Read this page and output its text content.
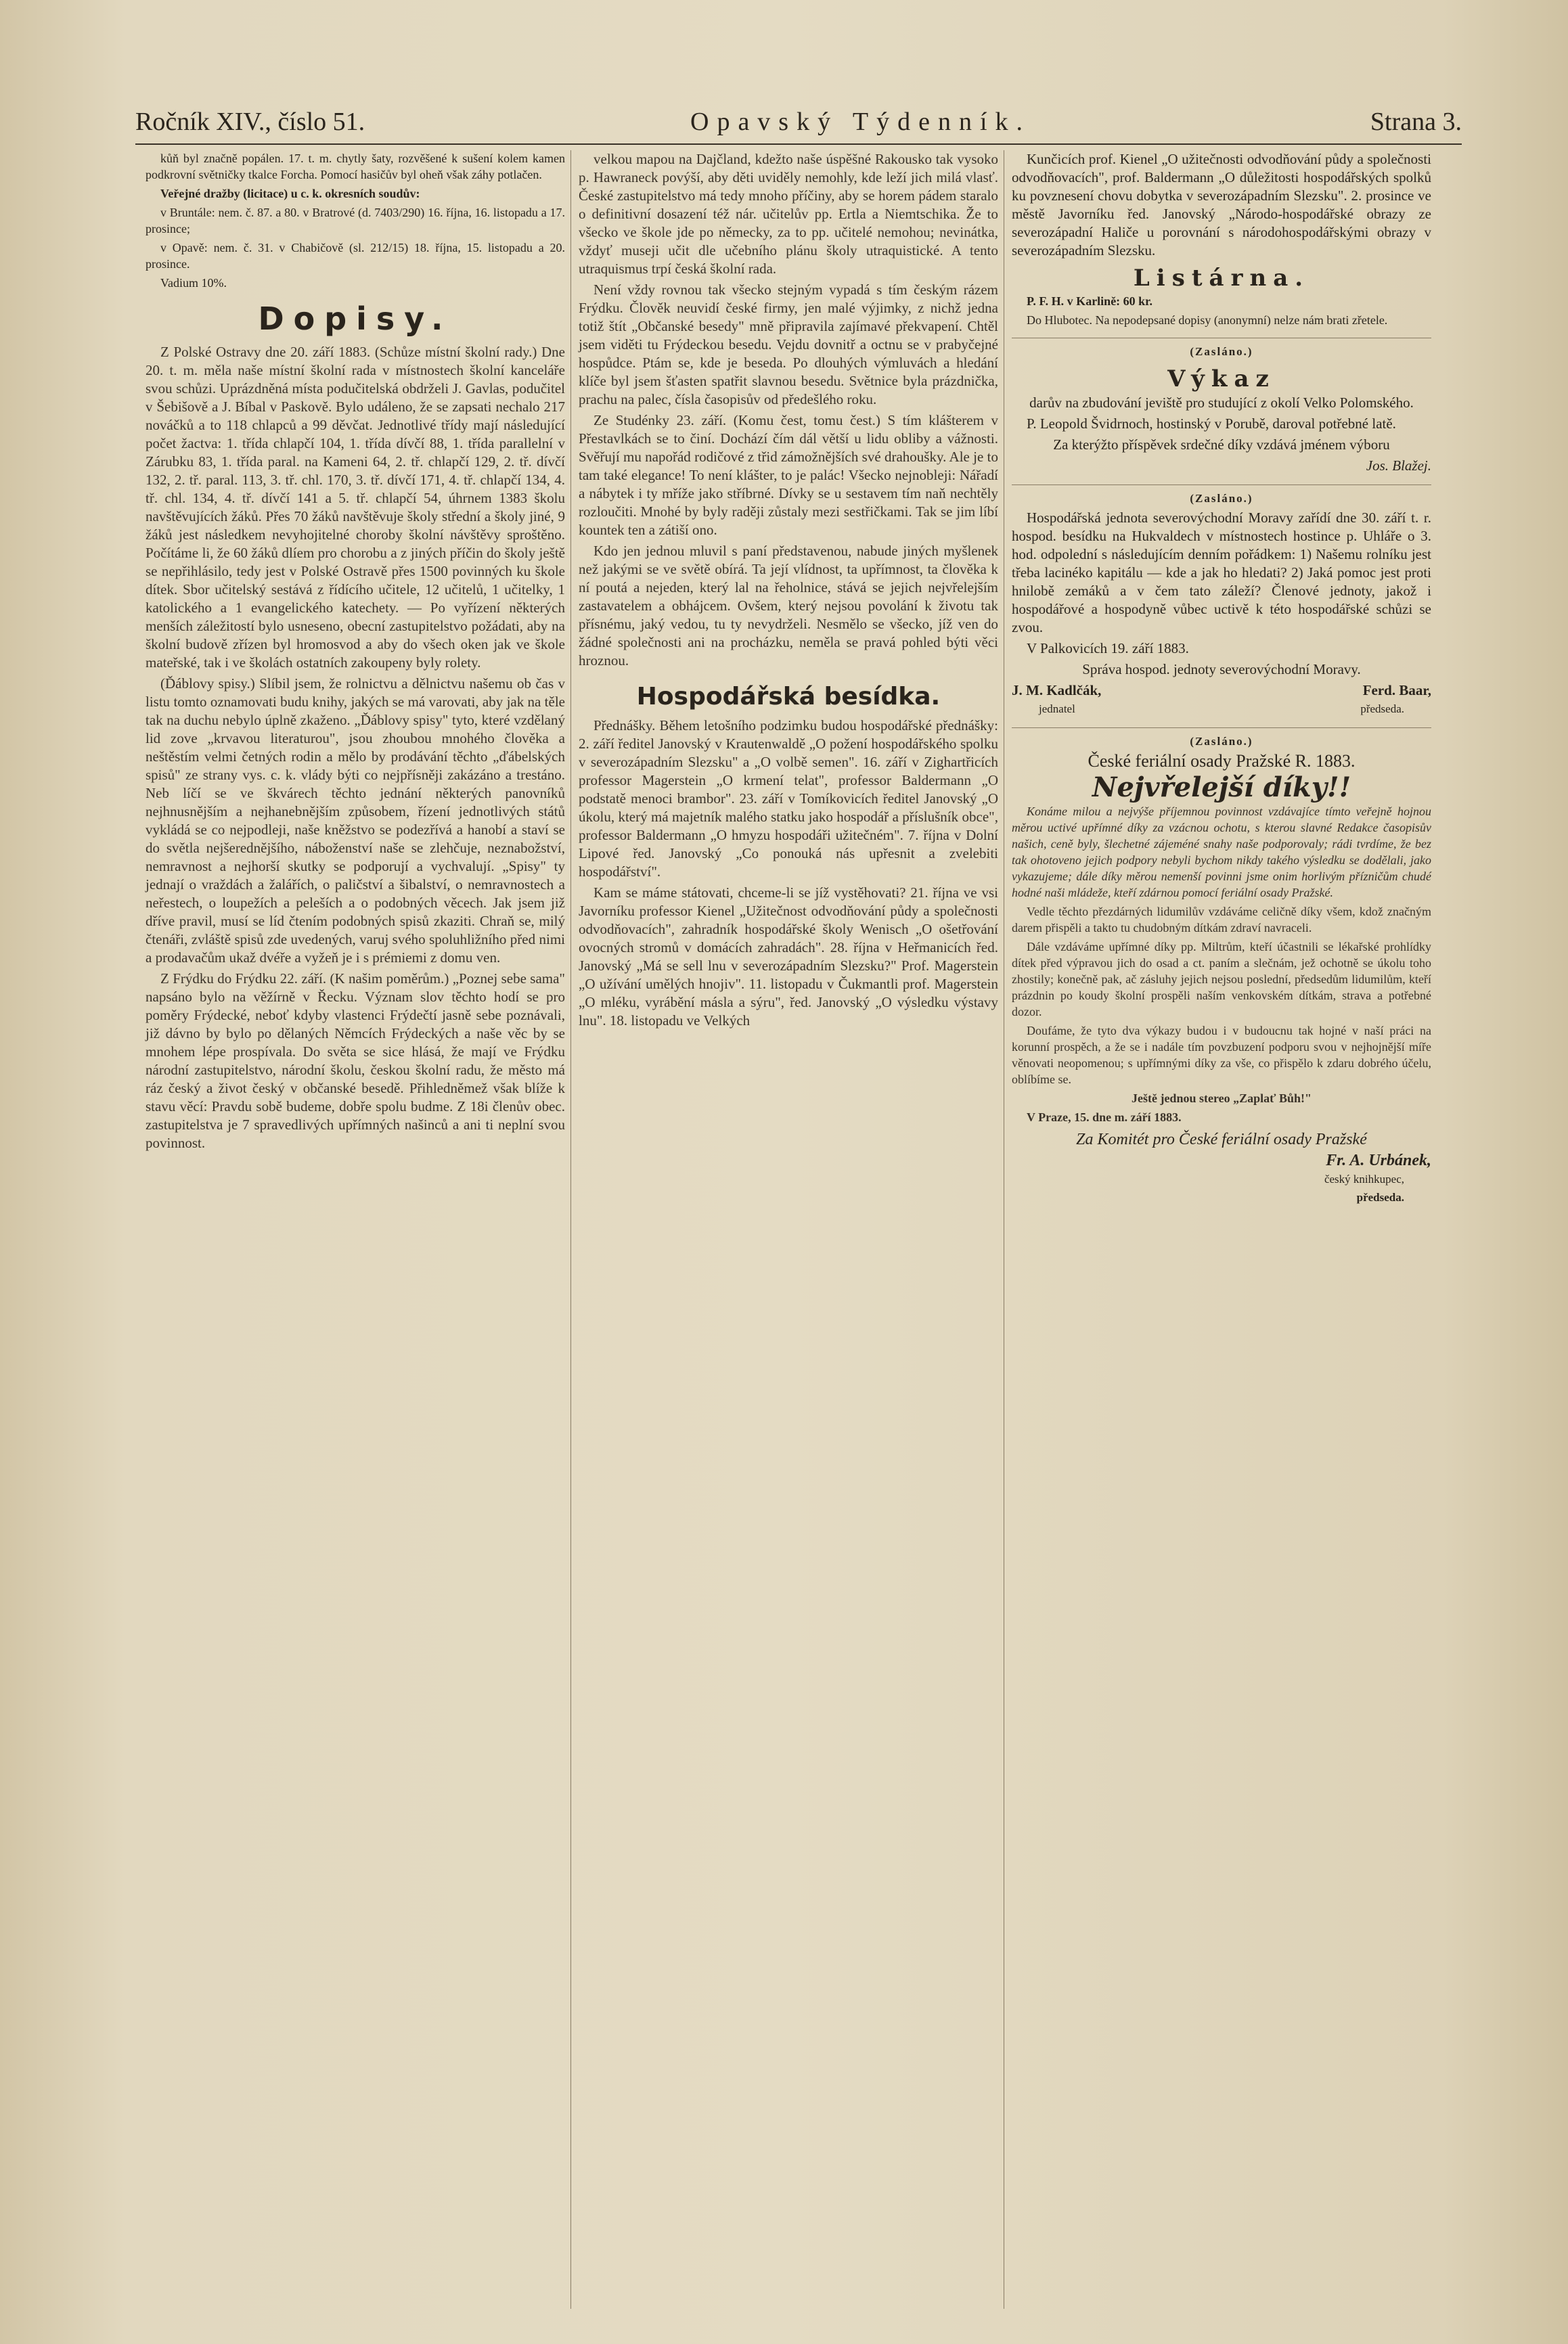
Ročník XIV., číslo 51.	Opavský Týdenník.	Strana 3.

kůň byl značně popálen. 17. t. m. chytly šaty, rozvěšené k sušení kolem kamen podkrovní světničky tkalce Forcha. Pomocí hasičův byl oheň však záhy potlačen.

Veřejné dražby (licitace) u c. k. okresních soudův:

v Bruntále: nem. č. 87. a 80. v Bratrové (d. 7403/290) 16. října, 16. listopadu a 17. prosince;

v Opavě: nem. č. 31. v Chabičově (sl. 212/15) 18. října, 15. listopadu a 20. prosince.

Vadium 10%.

Dopisy.

Z Polské Ostravy dne 20. září 1883. (Schůze místní školní rady.) Dne 20. t. m. měla naše místní školní rada v místnostech školní kanceláře svou schůzi. Uprázdněná místa podučitelská obdrželi J. Gavlas, podučitel v Šebišově a J. Bíbal v Paskově. Bylo událeno, že se zapsati nechalo 217 nováčků a to 118 chlapců a 99 děvčat. Jednotlivé třídy mají následující počet žactva: 1. třída chlapčí 104, 1. třída dívčí 88, 1. třída parallelní v Zárubku 83, 1. třída paral. na Kameni 64, 2. tř. chlapčí 129, 2. tř. dívčí 132, 2. tř. paral. 113, 3. tř. chl. 170, 3. tř. dívčí 171, 4. tř. chlapčí 134, 4. tř. chl. 134, 4. tř. dívčí 141 a 5. tř. chlapčí 54, úhrnem 1383 školu navštěvujících žáků. Přes 70 žáků navštěvuje školy střední a školy jiné, 9 žáků jest následkem nevyhojitelné choroby školní návštěvy sproštěno. Počítáme li, že 60 žáků dlíem pro chorobu a z jiných příčin do školy ještě se nepřihlásilo, tedy jest v Polské Ostravě přes 1500 povinných ku škole dítek. Sbor učitelský sestává z řídícího učitele, 12 učitelů, 1 učitelky, 1 katolického a 1 evangelického katechety. — Po vyřízení některých menších záležitostí bylo usneseno, obecní zastupitelstvo požádati, aby na školní budově zřízen byl hromosvod a aby do všech oken jak ve škole mateřské, tak i ve školách ostatních zakoupeny byly rolety.

(Ďáblovy spisy.) Slíbil jsem, že rolnictvu a dělnictvu našemu ob čas v listu tomto oznamovati budu knihy, jakých se má varovati, aby jak na těle tak na duchu nebylo úplně zkaženo. „Ďáblovy spisy" tyto, které vzdělaný lid zove „krvavou literaturou", jsou zhoubou mnohého člověka a neštěstím velmi četných rodin a mělo by prodávání těchto „ďábelských spisů" ze strany vys. c. k. vlády býti co nejpřísněji zakázáno a trestáno. Neb líčí se ve škvárech těchto jednání některých panovníků nejhnusnějším a nejhanebnějším způsobem, řízení jednotlivých států vykládá se co nejpodleji, naše kněžstvo se podezřívá a hanobí a staví se do světla nejšerednějšího, náboženství naše se zlehčuje, neznabožství, nemravnost a nejhorší skutky se podporují a vychvalují. „Spisy" ty jednají o vraždách a žalářích, o paličství a šibalství, o nemravnostech a neřestech, o loupežích a peleších a o podobných věcech. Jak jsem již dříve pravil, musí se líd čtením podobných spisů zkaziti. Chraň se, milý čtenáři, zvláště spisů zde uvedených, varuj svého spoluhližního před nimi a prodavačům ukaž dvéře a vyžeň je i s prémiemi z domu ven.

Z Frýdku do Frýdku 22. září. (K našim poměrům.) „Poznej sebe sama" napsáno bylo na věžírně v Řecku. Význam slov těchto hodí se pro poměry Frýdecké, neboť kdyby vlastenci Frýdečtí jasně sebe poznávali, již dávno by bylo po dělaných Němcích Frýdeckých a naše věc by se mnohem lépe prospívala. Do světa se sice hlásá, že mají ve Frýdku národní zastupitelstvo, národní školu, českou školní radu, že město má ráz český a život český v občanské besedě. Přihledněmež však blíže k stavu věcí: Pravdu sobě budeme, dobře spolu budme. Z 18i členův obec. zastupitelstva je 7 spravedlivých upřímných našinců a ani ti neplní svou povinnost.

velkou mapou na Dajčland, kdežto naše úspěšné Rakousko tak vysoko p. Hawraneck povýší, aby děti uviděly nemohly, kde leží jich milá vlasť. České zastupitelstvo má tedy mnoho příčiny, aby se horem pádem staralo o definitivní dosazení též nár. učitelův pp. Ertla a Niemtschika. Že to všecko ve škole jde po německy, za to pp. učitelé nemohou; nevinátka, vždyť museji učit dle učebního plánu školy utraquistické. A tento utraquismus trpí česká školní rada.

Není vždy rovnou tak všecko stejným vypadá s tím českým rázem Frýdku. Člověk neuvidí české firmy, jen malé výjimky, z nichž jedna totiž štít „Občanské besedy" mně připravila zajímavé překvapení. Chtěl jsem viděti tu Frýdeckou besedu. Vejdu dovnitř a octnu se v prabyčejné hospůdce. Ptám se, kde je beseda. Po dlouhých výmluvách a hledání klíče byl jsem šťasten spatřit slavnou besedu. Světnice byla prázdnička, prachu na palec, čísla časopisův od předešlého roku.

Ze Studénky 23. září. (Komu čest, tomu čest.) S tím klášterem v Přestavlkách se to činí. Dochází čím dál větší u lidu obliby a vážnosti. Svěřují mu napořád rodičové z třid zámožnějších své drahoušky. Ale je to tam také elegance! To není klášter, to je palác! Všecko nejnobleji: Nářadí a nábytek i ty mříže jako stříbrné. Dívky se u sestavem tím naň nechtěly rozloučiti. Mnohé by byly raději zůstaly mezi sestřičkami. Tak se jim líbí kountek ten a zátiší ono.

Kdo jen jednou mluvil s paní představenou, nabude jiných myšlenek než jakými se ve světě obírá. Ta její vlídnost, ta upřímnost, ta člověka k ní poutá a nejeden, který lal na řeholnice, stává se jejich nejvřelejším zastavatelem a obhájcem. Ovšem, který nejsou povolání k životu tak přísnému, jaký vedou, tu ty nevydrželi. Nesmělo se všecko, jíž ven do žádné společnosti ani na procházku, neměla se pravá pohled býti věci hroznou.

Hospodářská besídka.

Přednášky. Během letošního podzimku budou hospodářské přednášky: 2. září ředitel Janovský v Krautenwaldě „O požení hospodářského spolku v severozápadním Slezsku" a „O volbě semen". 16. září v Zighartřicích professor Magerstein „O krmení telat", professor Baldermann „O podstatě menoci brambor". 23. září v Tomíkovicích ředitel Janovský „O úkolu, který má majetník malého statku jako hospodář a příslušník obce", professor Baldermann „O hmyzu hospodáři užitečném". 7. října v Dolní Lipové řed. Janovský „Co ponouká nás upřesnit a zvelebiti hospodářství".

Kam se máme státovati, chceme-li se jíž vystěhovati? 21. října ve vsi Javorníku professor Kienel „Užitečnost odvodňování půdy a společnosti odvodňovacích", zahradník hospodářské školy Wenisch „O ošetřování ovocných stromů v domácích zahradách". 28. října v Heřmanicích řed. Janovský „Má se sell lnu v severozápadním Slezsku?" Prof. Magerstein „O užívání umělých hnojiv". 11. listopadu v Čukmantli prof. Magerstein „O mléku, vyrábění másla a sýru", řed. Janovský „O výsledku výstavy lnu". 18. listopadu ve Velkých

Kunčicích prof. Kienel „O užitečnosti odvodňování půdy a společnosti odvodňovacích", prof. Baldermann „O důležitosti hospodářských spolků ku povznesení chovu dobytka v severozápadním Slezsku". 2. prosince ve městě Javorníku řed. Janovský „Národo-hospodářské obrazy ze severozápadní Haliče u porovnání s národohospodářskými obrazy v severozápadním Slezsku.

Listárna.

P. F. H. v Karlině: 60 kr.

Do Hlubotec. Na nepodepsané dopisy (anonymní) nelze nám brati zřetele.

(Zasláno.)
Výkaz

darův na zbudování jeviště pro studující z okolí Velko Polomského.

P. Leopold Švidrnoch, hostinský v Porubě, daroval potřebné latě.

Za kterýžto příspěvek srdečné díky vzdává jménem výboru

Jos. Blažej.

(Zasláno.)

Hospodářská jednota severovýchodní Moravy zařídí dne 30. září t. r. hospod. besídku na Hukvaldech v místnostech hostince p. Uhláře o 3. hod. odpolední s následujícím denním pořádkem: 1) Našemu rolníku jest třeba lacinéko kapitálu — kde a jak ho hledati? 2) Jaká pomoc jest proti hnilobě zemáků a v čem tato záleží? Členové jednoty, jakož i hospodářové a hospodyně vůbec uctivě k této hospodářské schůzi se zvou.

V Palkovicích 19. září 1883.

Správa hospod. jednoty severovýchodní Moravy.

J. M. Kadlčák,	Ferd. Baar,
jednatel	předseda.
(Zasláno.)

České feriální osady Pražské R. 1883.

Nejvřelejší díky!!

Konáme milou a nejvýše příjemnou povinnost vzdávajíce tímto veřejně hojnou měrou uctivé upřímné díky za vzácnou ochotu, s kterou slavné Redakce časopisův našich, ceně byly, šlechetné zájeméné snahy naše podporovaly; rádi tvrdíme, že bez tak ohotoveno jejich podpory nebyli bychom nikdy takého výsledku se dodělali, jako vykazujeme; dále díky měrou nemenší povinni jsme onim horlivým přízničům chudé hodné naši mládeže, kteří zdárnou pomocí feriální osady Pražské.

Vedle těchto přezdárných lidumilův vzdáváme celičně díky všem, kdož značným darem přispěli a takto tu chudobným dítkám zdraví navraceli.

Dále vzdáváme upřímné díky pp. Miltrům, kteří účastnili se lékařské prohlídky dítek před výpravou jich do osad a ct. paním a slečnám, jež ochotně se úkolu toho zhostily; konečně pak, ač zásluhy jejich nejsou poslední, předsedům lidumilům, kteří prázdnin po koudy školní prospěli naším venkovském dítkám, strava a potřebné dozor.

Doufáme, že tyto dva výkazy budou i v budoucnu tak hojné v naší práci na korunní prospěch, a že se i nadále tím povzbuzení podporu svou v nejhojnější míře věnovati neopomenou; s upřímnými díky za vše, co přispělo k zdaru dobrého účelu, oblíbíme se.

Ještě jednou stereo „Zaplať Bůh!"

V Praze, 15. dne m. září 1883.

Za Komitét pro České feriální osady Pražské

Fr. A. Urbánek,
český knihkupec,
předseda.
